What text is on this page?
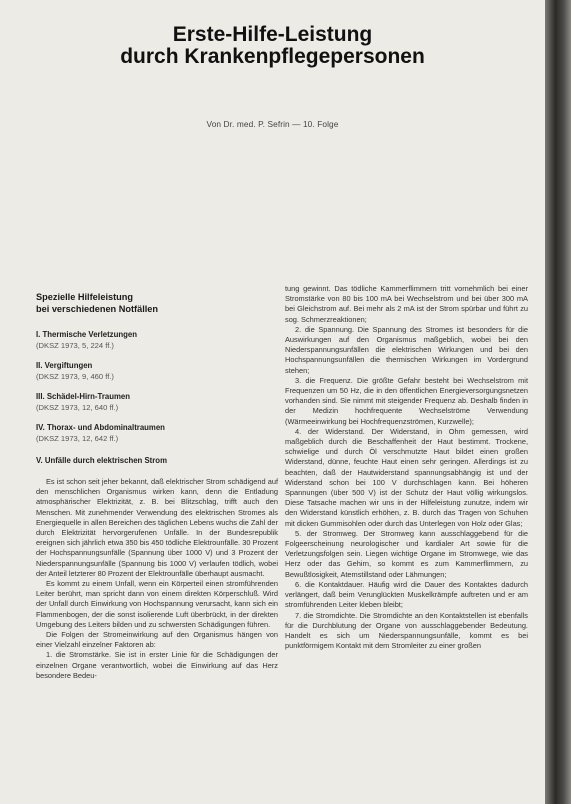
Erste-Hilfe-Leistung
durch Krankenpflegepersonen
Von Dr. med. P. Sefrin — 10. Folge
Spezielle Hilfeleistung
bei verschiedenen Notfällen
I. Thermische Verletzungen
(DKSZ 1973, 5, 224 ff.)
II. Vergiftungen
(DKSZ 1973, 9, 460 ff.)
III. Schädel-Hirn-Traumen
(DKSZ 1973, 12, 640 ff.)
IV. Thorax- und Abdominaltraumen
(DKSZ 1973, 12, 642 ff.)
V. Unfälle durch elektrischen Strom

Es ist schon seit jeher bekannt, daß elektrischer Strom schädigend auf den menschlichen Organismus wirken kann, denn die Entladung atmosphärischer Elektrizität, z. B. bei Blitzschlag, trifft auch den Menschen. Mit zunehmender Verwendung des elektrischen Stromes als Energiequelle in allen Bereichen des täglichen Lebens wuchs die Zahl der durch Elektrizität hervorgerufenen Unfälle. In der Bundesrepublik ereignen sich jährlich etwa 350 bis 450 tödliche Elektrounfälle. 30 Prozent der Hochspannungsunfälle (Spannung über 1000 V) und 3 Prozent der Niederspannungsunfälle (Spannung bis 1000 V) verlaufen tödlich, wobei der Anteil letzterer 80 Prozent der Elektrounfälle überhaupt ausmacht.

Es kommt zu einem Unfall, wenn ein Körperteil einen stromführenden Leiter berührt, man spricht dann von einem direkten Körperschluß. Wird der Unfall durch Einwirkung von Hochspannung verursacht, kann sich ein Flammenbogen, der die sonst isolierende Luft überbrückt, in der direkten Umgebung des Leiters bilden und zu schwersten Schädigungen führen.

Die Folgen der Stromeinwirkung auf den Organismus hängen von einer Vielzahl einzelner Faktoren ab:

1. die Stromstärke. Sie ist in erster Linie für die Schädigungen der einzelnen Organe verantwortlich, wobei die Einwirkung auf das Herz besondere Bedeu-

tung gewinnt. Das tödliche Kammerflimmern tritt vornehmlich bei einer Stromstärke von 80 bis 100 mA bei Wechselstrom und bei über 300 mA bei Gleichstrom auf. Bei mehr als 2 mA ist der Strom spürbar und führt zu sog. Schmerzreaktionen;

2. die Spannung. Die Spannung des Stromes ist besonders für die Auswirkungen auf den Organismus maßgeblich, wobei bei den Niederspannungsunfällen die elektrischen Wirkungen und bei den Hochspannungsunfällen die thermischen Wirkungen im Vordergrund stehen;

3. die Frequenz. Die größte Gefahr besteht bei Wechselstrom mit Frequenzen um 50 Hz, die in den öffentlichen Energieversorgungsnetzen vorhanden sind. Sie nimmt mit steigender Frequenz ab. Deshalb finden in der Medizin hochfrequente Wechselströme Verwendung (Wärmeeinwirkung bei Hochfrequenzströmen, Kurzwelle);

4. der Widerstand. Der Widerstand, in Ohm gemessen, wird maßgeblich durch die Beschaffenheit der Haut bestimmt. Trockene, schwielige und durch Öl verschmutzte Haut bildet einen großen Widerstand, dünne, feuchte Haut einen sehr geringen. Allerdings ist zu beachten, daß der Hautwiderstand spannungsabhängig ist und der Widerstand schon bei 100 V durchschlagen kann. Bei höheren Spannungen (über 500 V) ist der Schutz der Haut völlig wirkungslos. Diese Tatsache machen wir uns in der Hilfeleistung zunutze, indem wir den Widerstand künstlich erhöhen, z. B. durch das Tragen von Schuhen mit dicken Gummisohlen oder durch das Unterlegen von Holz oder Glas;

5. der Stromweg. Der Stromweg kann ausschlaggebend für die Folgeerscheinung neurologischer und kardialer Art sowie für die Verletzungsfolgen sein. Liegen wichtige Organe im Stromwege, wie das Herz oder das Gehirn, so kommt es zum Kammerflimmern, zu Bewußtlosigkeit, Atemstillstand oder Lähmungen;

6. die Kontaktdauer. Häufig wird die Dauer des Kontaktes dadurch verlängert, daß beim Verunglückten Muskelkrämpfe auftreten und er am stromführenden Leiter kleben bleibt;

7. die Stromdichte. Die Stromdichte an den Kontaktstellen ist ebenfalls für die Durchblutung der Organe von ausschlaggebender Bedeutung. Handelt es sich um Niederspannungsunfälle, kommt es bei punktförmigem Kontakt mit dem Stromleiter zu einer großen
